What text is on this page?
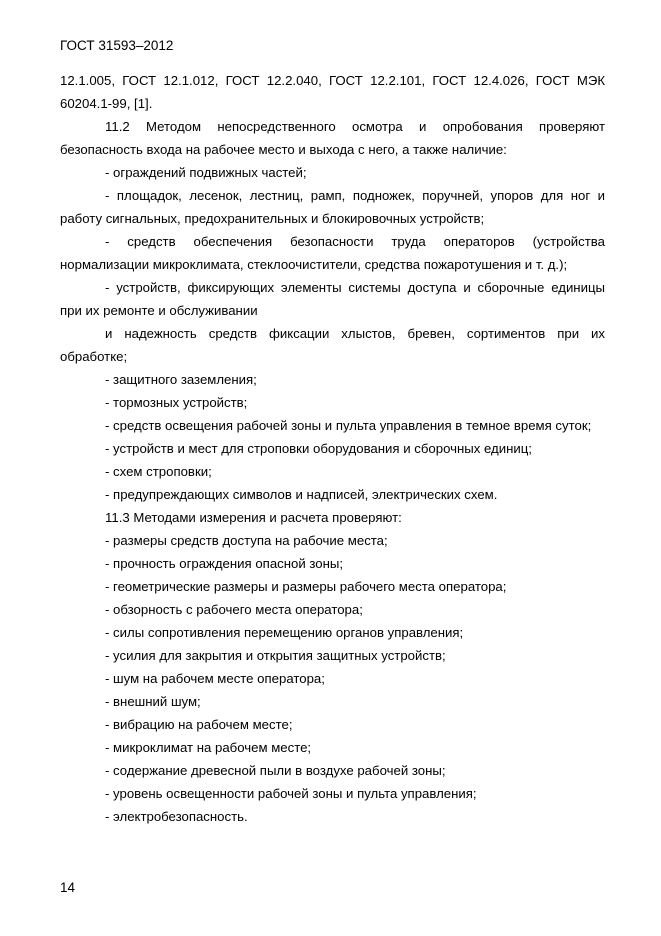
ГОСТ 31593–2012

12.1.005, ГОСТ 12.1.012, ГОСТ 12.2.040, ГОСТ 12.2.101, ГОСТ 12.4.026, ГОСТ МЭК 60204.1-99, [1].

11.2 Методом непосредственного осмотра и опробования проверяют безопасность входа на рабочее место и выхода с него, а также наличие:

- ограждений подвижных частей;

- площадок, лесенок, лестниц, рамп, подножек, поручней, упоров для ног и работу сигнальных, предохранительных и блокировочных устройств;

- средств обеспечения безопасности труда операторов (устройства нормализации микроклимата, стеклоочистители, средства пожаротушения и т. д.);

- устройств, фиксирующих элементы системы доступа и сборочные единицы при их ремонте и обслуживании

и надежность средств фиксации хлыстов, бревен, сортиментов при их обработке;

- защитного заземления;

- тормозных устройств;

- средств освещения рабочей зоны и пульта управления в темное время суток;

- устройств и мест для строповки оборудования и сборочных единиц;

- схем строповки;

- предупреждающих символов и надписей, электрических схем.

11.3 Методами измерения и расчета проверяют:

- размеры средств доступа на рабочие места;

- прочность ограждения опасной зоны;

- геометрические размеры и размеры рабочего места оператора;

- обзорность с рабочего места оператора;

- силы сопротивления перемещению органов управления;

- усилия для закрытия и открытия защитных устройств;

- шум на рабочем месте оператора;

- внешний шум;

- вибрацию на рабочем месте;

- микроклимат на рабочем месте;

- содержание древесной пыли в воздухе рабочей зоны;

- уровень освещенности рабочей зоны и пульта управления;

- электробезопасность.

14
